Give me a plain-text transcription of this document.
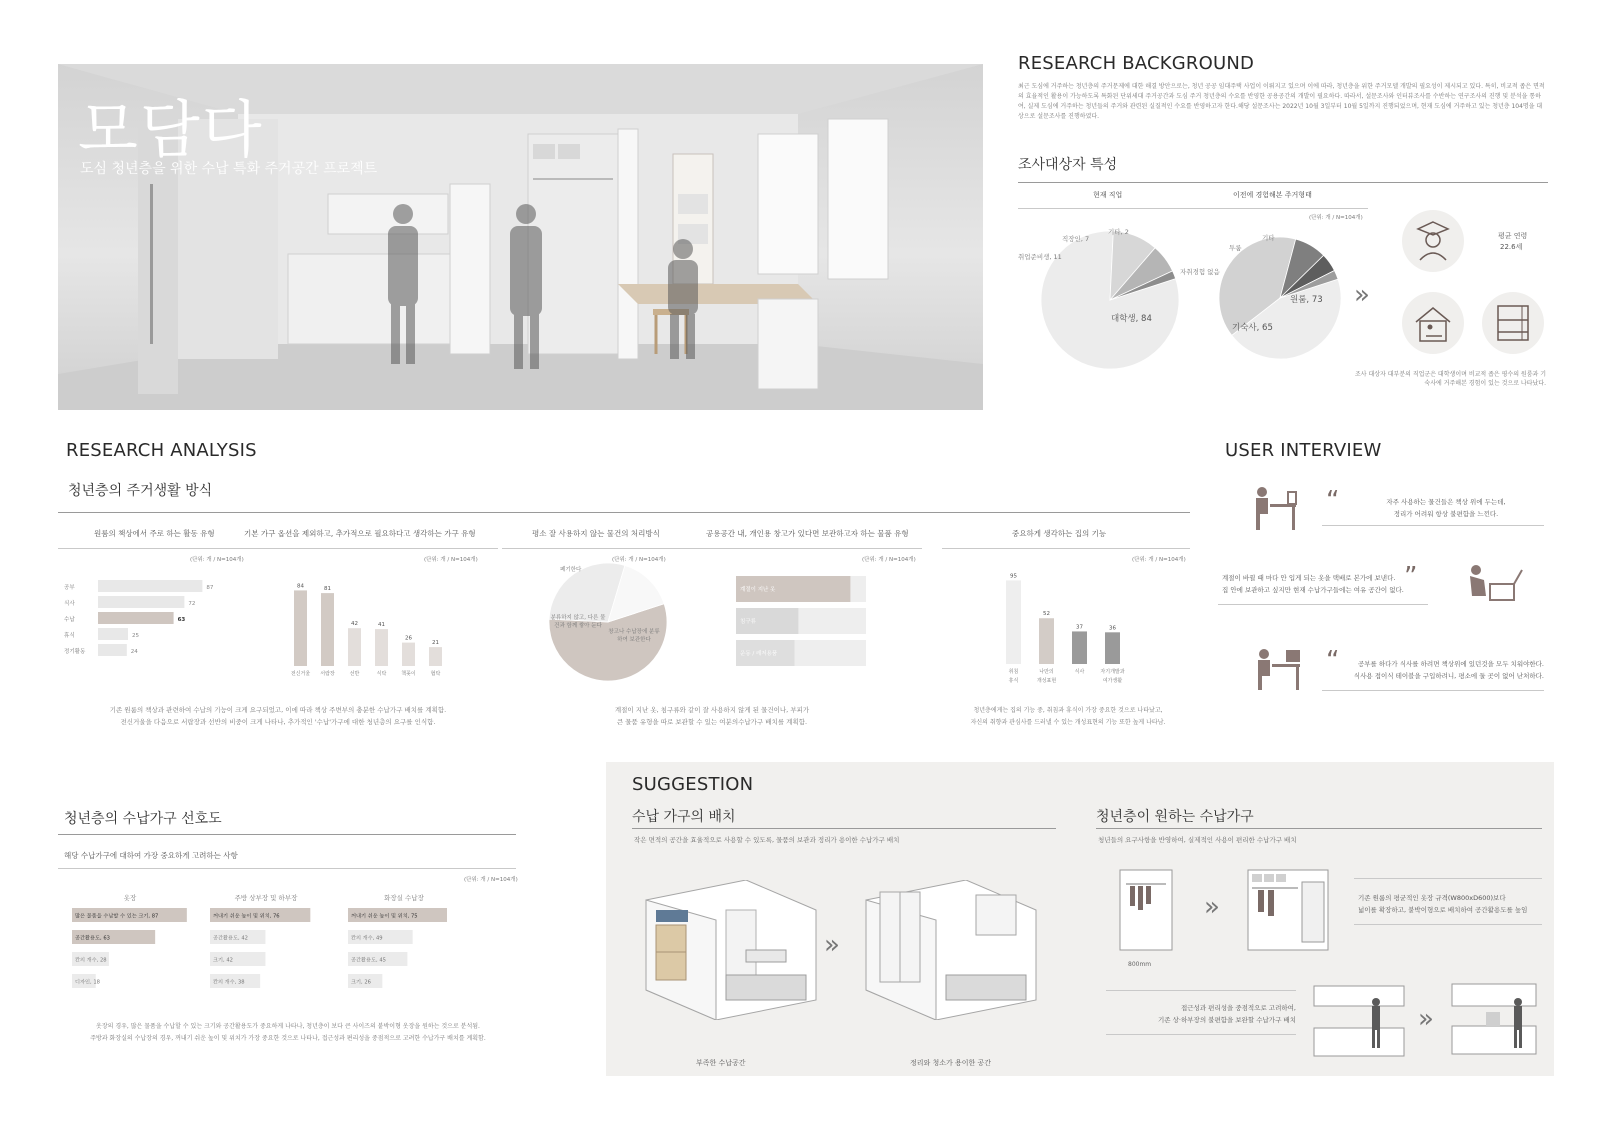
모담다
도심 청년층을 위한 수납 특화 주거공간 프로젝트
RESEARCH BACKGROUND
최근 도심에 거주하는 청년층의 주거문제에 대한 해결 방안으로는, 청년 공공 임대주택 사업이 이뤄지고 있으며 이에 따라, 청년층을 위한 주거모델 개발의 필요성이 제시되고 있다. 특히, 비교적 좁은 면적의 효율적인 활용이 가능하도록 특화된 단위세대 주거공간과 도심 주거 청년층의 수요를 반영한 공용공간의 개발이 필요하다. 따라서, 설문조사와 인터뷰조사를 수반하는 연구조사의 진행 및 분석을 통하여, 실제 도심에 거주하는 청년들의 주거와 관련된 실질적인 수요를 반영하고자 한다.해당 설문조사는 2022년 10월 3일부터 10월 5일까지 진행되었으며, 현재 도심에 거주하고 있는 청년층 104명을 대상으로 설문조사를 진행하였다.
조사대상자 특성
현재 직업	이전에 경험해본 주거형태
(단위: 개 / N=104개)
대학생, 84
취업준비생, 11
직장인, 7
기타, 2
원룸, 73
기숙사, 65
자취경험 없음
투룸
기타
»
평균 연령
22.6세
조사 대상자 대부분의 직업군은 대학생이며 비교적 좁은 평수의 원룸과 기숙사에 거주해본 경험이 있는 것으로 나타났다.
RESEARCH ANALYSIS
청년층의 주거생활 방식
원룸의 책상에서 주로 하는 활동 유형	기본 가구 옵션을 제외하고, 추가적으로 필요하다고 생각하는 가구 유형	평소 잘 사용하지 않는 물건의 처리방식	공용공간 내, 개인용 창고가 있다면 보관하고자 하는 물품 유형	중요하게 생각하는 집의 기능
(단위: 개 / N=104개)	(단위: 개 / N=104개)	(단위: 개 / N=104개)	(단위: 개 / N=104개)	(단위: 개 / N=104개)
공부	87
식사	72
수납	63
휴식	25
정기활동	24
84
전신거울
81
서랍장
42
선반
41
식탁
26
책꽂이
21
협탁
폐기한다
분류하지 않고, 다른 물건과 함께 쌓아 둔다
창고나 수납장에 분류하여 보관한다
계절이 지난 옷
침구류
운동 / 레저용품
95
취침 휴식
52
나만의 개성표현
37
식사
36
자기개발과 여가생활
기존 원룸의 책상과 관련하여 수납의 기능이 크게 요구되었고, 이에 따라 책상 주변부의 충분한 수납가구 배치를 계획함.
전신거울을 다음으로 서랍장과 선반의 비중이 크게 나타나, 추가적인 '수납'가구에 대한 청년층의 요구를 인식함.
계절이 지난 옷, 침구류와 같이 잘 사용하지 않게 된 물건이나, 부피가
큰 물품 유형을 따로 보관할 수 있는 여분의수납가구 배치를 계획함.
청년층에게는 집의 기능 중, 취침과 휴식이 가장 중요한 것으로 나타났고,
자신의 취향과 관심사를 드러낼 수 있는 개성표현의 기능 또한 높게 나타남.
USER INTERVIEW
“	자주 사용하는 물건들은 책상 위에 두는데,
정리가 어려워 항상 불편함을 느낀다.
계절이 바뀔 때 마다 안 입게 되는 옷을 택배로 본가에 보낸다.
집 안에 보관하고 싶지만 현재 수납가구들에는 여유 공간이 없다. ”
“	공부를 하다가 식사를 하려면 책상위에 있던것을 모두 치워야한다.
식사용 접이식 테이블을 구입하려니, 평소에 둘 곳이 없어 난처하다.
청년층의 수납가구 선호도
해당 수납가구에 대하여 가장 중요하게 고려하는 사항
(단위: 개 / N=104개)
옷장	주방 상부장 및 하부장	화장실 수납장
많은 물품을 수납할 수 있는 크기, 87
공간활용도, 63
칸의 개수, 28
디자인, 18
꺼내기 쉬운 높이 및 위치, 76
공간활용도, 42
크기, 42
칸의 개수, 38
꺼내기 쉬운 높이 및 위치, 75
칸의 개수, 49
공간활용도, 45
크기, 26
옷장의 경우, 많은 물품을 수납할 수 있는 크기와 공간활용도가 중요하게 나타나, 청년층이 보다 큰 사이즈의 붙박이형 옷장을 원하는 것으로 분석됨.
주방과 화장실의 수납장의 경우, 꺼내기 쉬운 높이 및 위치가 가장 중요한 것으로 나타나, 접근성과 편리성을 중점적으로 고려한 수납가구 배치를 계획함.
SUGGESTION
수납 가구의 배치
작은 면적의 공간을 효율적으로 사용할 수 있도록, 물품의 보관과 정리가 용이한 수납가구 배치
»
부족한 수납공간	정리와 청소가 용이한 공간
청년층이 원하는 수납가구
청년들의 요구사항을 반영하여, 실제적인 사용이 편리한 수납가구 배치
800mm
»	기존 원룸의 평균적인 옷장 규격(W800xD600)보다
넓이를 확장하고, 붙박이형으로 배치하여 공간활용도를 높임
접근성과 편리성을 중점적으로 고려하여,
기존 상·하부장의 불편함을 보완할 수납가구 배치	»
